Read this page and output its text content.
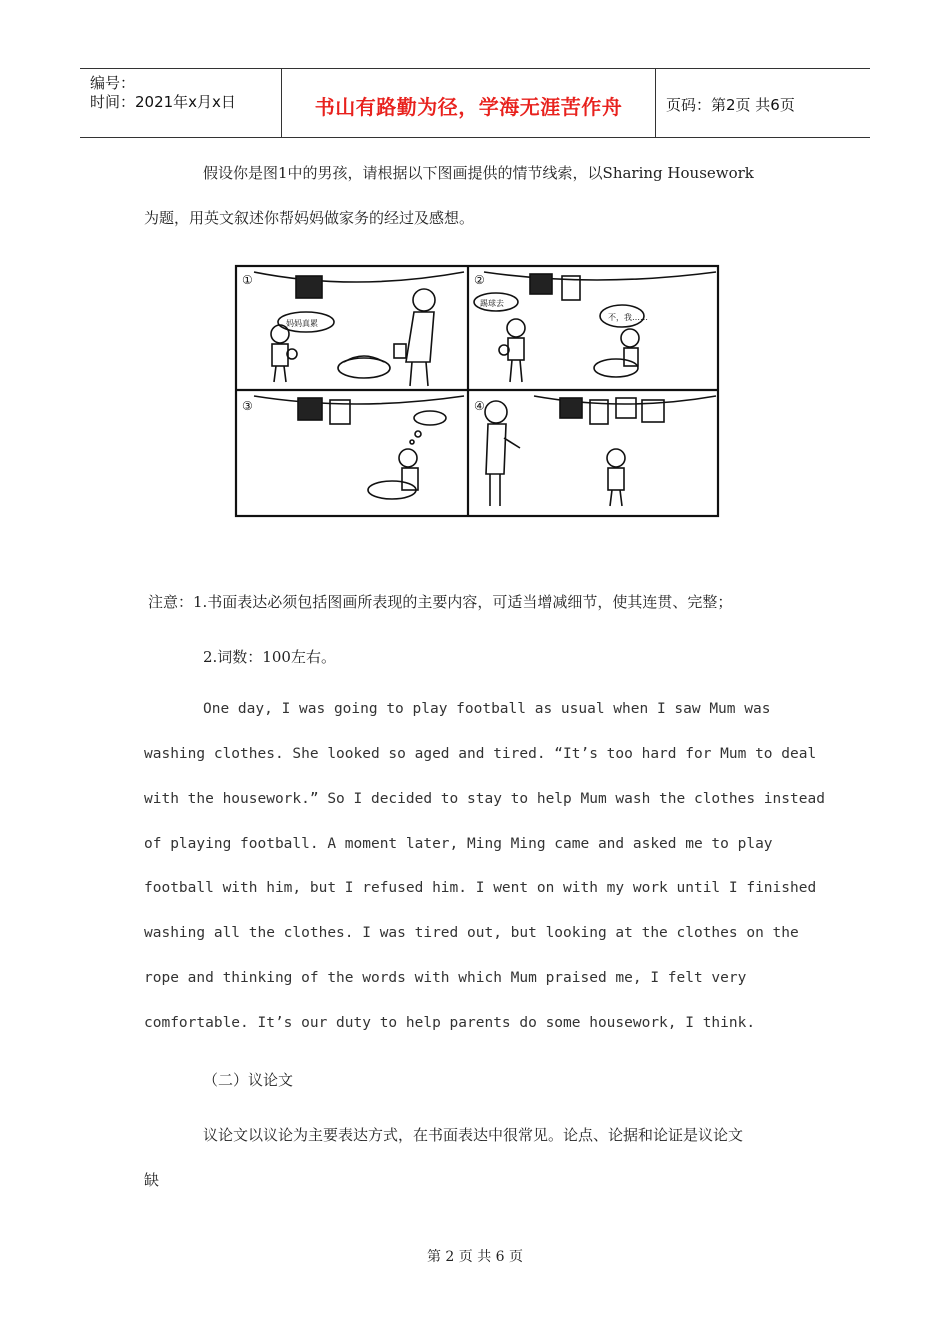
编号：
时间：2021年x月x日	书山有路勤为径，学海无涯苦作舟	页码：第2页 共6页
假设你是图1中的男孩，请根据以下图画提供的情节线索，以Sharing Housework
为题，用英文叙述你帮妈妈做家务的经过及感想。
①	②
③	④
妈妈真累
踢球去
不，我……
注意：1.书面表达必须包括图画所表现的主要内容，可适当增减细节，使其连贯、完整；
2.词数：100左右。
One day, I was going to play football as usual when I saw Mum was
washing clothes. She looked so aged and tired. “It’s too hard for Mum to deal
with the housework.” So I decided to stay to help Mum wash the clothes instead
of playing football. A moment later, Ming Ming came and asked me to play
football with him, but I refused him. I went on with my work until I finished
washing all the clothes. I was tired out, but looking at the clothes on the
rope and thinking of the words with which Mum praised me, I felt very
comfortable. It’s our duty to help parents do some housework, I think.
（二）议论文
议论文以议论为主要表达方式，在书面表达中很常见。论点、论据和论证是议论文
缺
第 2 页 共 6 页
